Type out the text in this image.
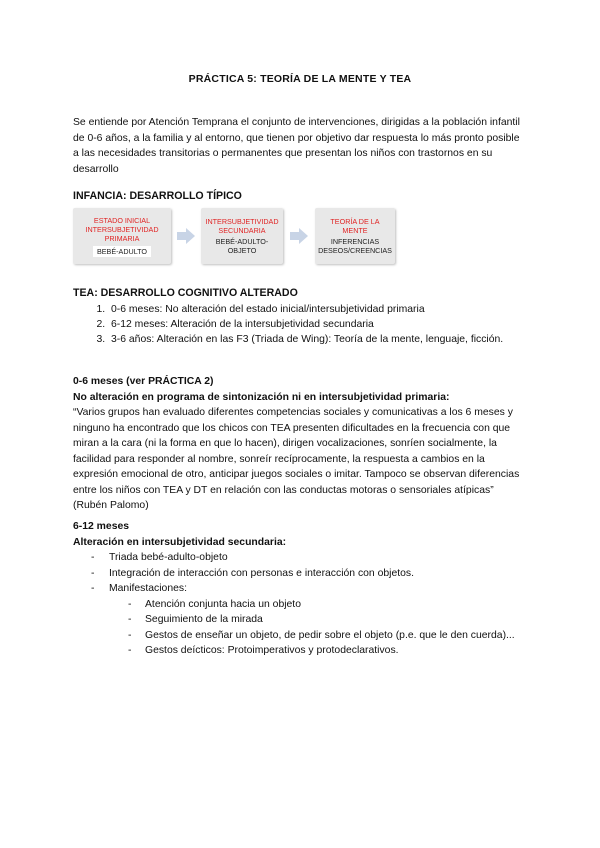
PRÁCTICA 5: TEORÍA DE LA MENTE Y TEA

Se entiende por Atención Temprana el conjunto de intervenciones, dirigidas a la población infantil de 0-6 años, a la familia y al entorno, que tienen por objetivo dar respuesta lo más pronto posible a las necesidades transitorias o permanentes que presentan los niños con trastornos en su desarrollo

INFANCIA: DESARROLLO TÍPICO

ESTADO INICIAL
INTERSUBJETIVIDAD PRIMARIA
BEBÉ-ADULTO
INTERSUBJETIVIDAD SECUNDARIA
BEBÉ-ADULTO-OBJETO
TEORÍA DE LA MENTE
INFERENCIAS DESEOS/CREENCIAS

TEA: DESARROLLO COGNITIVO ALTERADO

1. 0-6 meses: No alteración del estado inicial/intersubjetividad primaria
2. 6-12 meses: Alteración de la intersubjetividad secundaria
3. 3-6 años: Alteración en las F3 (Triada de Wing): Teoría de la mente, lenguaje, ficción.
0-6 meses (ver PRÁCTICA 2)
No alteración en programa de sintonización ni en intersubjetividad primaria:
“Varios grupos han evaluado diferentes competencias sociales y comunicativas a los 6 meses y ninguno ha encontrado que los chicos con TEA presenten dificultades en la frecuencia con que miran a la cara (ni la forma en que lo hacen), dirigen vocalizaciones, sonríen socialmente, la facilidad para responder al nombre, sonreír recíprocamente, la respuesta a cambios en la expresión emocional de otro, anticipar juegos sociales o imitar. Tampoco se observan diferencias entre los niños con TEA y DT en relación con las conductas motoras o sensoriales atípicas” (Rubén Palomo)
6-12 meses
Alteración en intersubjetividad secundaria:
- Triada bebé-adulto-objeto
- Integración de interacción con personas e interacción con objetos.
- Manifestaciones:
- Atención conjunta hacia un objeto
- Seguimiento de la mirada
- Gestos de enseñar un objeto, de pedir sobre el objeto (p.e. que le den cuerda)...
- Gestos deícticos: Protoimperativos y protodeclarativos.
